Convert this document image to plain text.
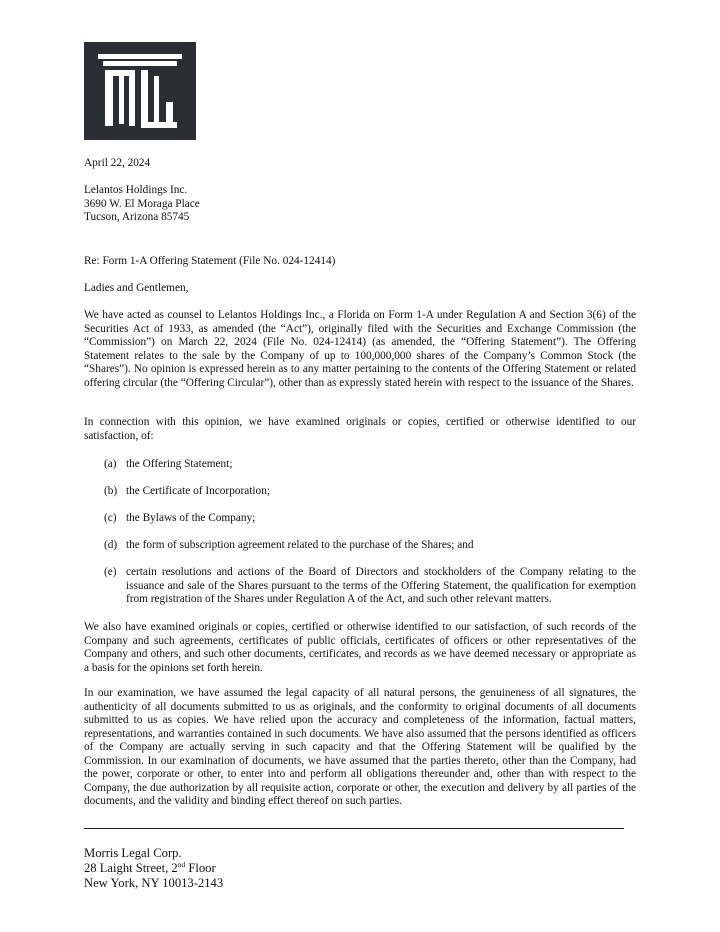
April 22, 2024
Lelantos Holdings Inc.
3690 W. El Moraga Place
Tucson, Arizona 85745
Re: Form 1-A Offering Statement (File No. 024-12414)
Ladies and Gentlemen,

We have acted as counsel to Lelantos Holdings Inc., a Florida on Form 1-A under Regulation A and Section 3(6) of the Securities Act of 1933, as amended (the “Act”), originally filed with the Securities and Exchange Commission (the “Commission”) on March 22, 2024 (File No. 024-12414) (as amended, the “Offering Statement”). The Offering Statement relates to the sale by the Company of up to 100,000,000 shares of the Company’s Common Stock (the “Shares”). No opinion is expressed herein as to any matter pertaining to the contents of the Offering Statement or related offering circular (the “Offering Circular”), other than as expressly stated herein with respect to the issuance of the Shares.

In connection with this opinion, we have examined originals or copies, certified or otherwise identified to our satisfaction, of:

(a) the Offering Statement;
(b) the Certificate of Incorporation;
(c) the Bylaws of the Company;
(d) the form of subscription agreement related to the purchase of the Shares; and
(e) certain resolutions and actions of the Board of Directors and stockholders of the Company relating to the issuance and sale of the Shares pursuant to the terms of the Offering Statement, the qualification for exemption from registration of the Shares under Regulation A of the Act, and such other relevant matters.

We also have examined originals or copies, certified or otherwise identified to our satisfaction, of such records of the Company and such agreements, certificates of public officials, certificates of officers or other representatives of the Company and others, and such other documents, certificates, and records as we have deemed necessary or appropriate as a basis for the opinions set forth herein.

In our examination, we have assumed the legal capacity of all natural persons, the genuineness of all signatures, the authenticity of all documents submitted to us as originals, and the conformity to original documents of all documents submitted to us as copies. We have relied upon the accuracy and completeness of the information, factual matters, representations, and warranties contained in such documents. We have also assumed that the persons identified as officers of the Company are actually serving in such capacity and that the Offering Statement will be qualified by the Commission. In our examination of documents, we have assumed that the parties thereto, other than the Company, had the power, corporate or other, to enter into and perform all obligations thereunder and, other than with respect to the Company, the due authorization by all requisite action, corporate or other, the execution and delivery by all parties of the documents, and the validity and binding effect thereof on such parties.

Morris Legal Corp.
28 Laight Street, 2nd Floor
New York, NY 10013-2143
